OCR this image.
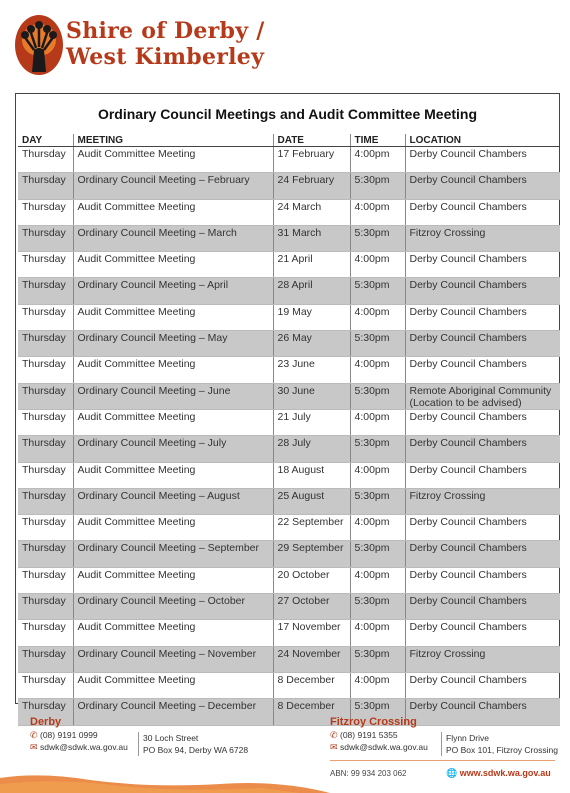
Shire of Derby /
West Kimberley
Ordinary Council Meetings and Audit Committee Meeting
DAY	MEETING	DATE	TIME	LOCATION
Thursday	Audit Committee Meeting	17 February	4:00pm	Derby Council Chambers
Thursday	Ordinary Council Meeting – February	24 February	5:30pm	Derby Council Chambers
Thursday	Audit Committee Meeting	24 March	4:00pm	Derby Council Chambers
Thursday	Ordinary Council Meeting – March	31 March	5:30pm	Fitzroy Crossing
Thursday	Audit Committee Meeting	21 April	4:00pm	Derby Council Chambers
Thursday	Ordinary Council Meeting – April	28 April	5:30pm	Derby Council Chambers
Thursday	Audit Committee Meeting	19 May	4:00pm	Derby Council Chambers
Thursday	Ordinary Council Meeting – May	26 May	5:30pm	Derby Council Chambers
Thursday	Audit Committee Meeting	23 June	4:00pm	Derby Council Chambers
Thursday	Ordinary Council Meeting – June	30 June	5:30pm	Remote Aboriginal Community (Location to be advised)
Thursday	Audit Committee Meeting	21 July	4:00pm	Derby Council Chambers
Thursday	Ordinary Council Meeting – July	28 July	5:30pm	Derby Council Chambers
Thursday	Audit Committee Meeting	18 August	4:00pm	Derby Council Chambers
Thursday	Ordinary Council Meeting – August	25 August	5:30pm	Fitzroy Crossing
Thursday	Audit Committee Meeting	22 September	4:00pm	Derby Council Chambers
Thursday	Ordinary Council Meeting – September	29 September	5:30pm	Derby Council Chambers
Thursday	Audit Committee Meeting	20 October	4:00pm	Derby Council Chambers
Thursday	Ordinary Council Meeting – October	27 October	5:30pm	Derby Council Chambers
Thursday	Audit Committee Meeting	17 November	4:00pm	Derby Council Chambers
Thursday	Ordinary Council Meeting – November	24 November	5:30pm	Fitzroy Crossing
Thursday	Audit Committee Meeting	8 December	4:00pm	Derby Council Chambers
Thursday	Ordinary Council Meeting – December	8 December	5:30pm	Derby Council Chambers
Derby
✆ (08) 9191 0999
✉ sdwk@sdwk.wa.gov.au
30 Loch Street
PO Box 94, Derby WA 6728
Fitzroy Crossing
✆ (08) 9191 5355
✉ sdwk@sdwk.wa.gov.au
Flynn Drive
PO Box 101, Fitzroy Crossing
ABN: 99 934 203 062	🌐 www.sdwk.wa.gov.au
